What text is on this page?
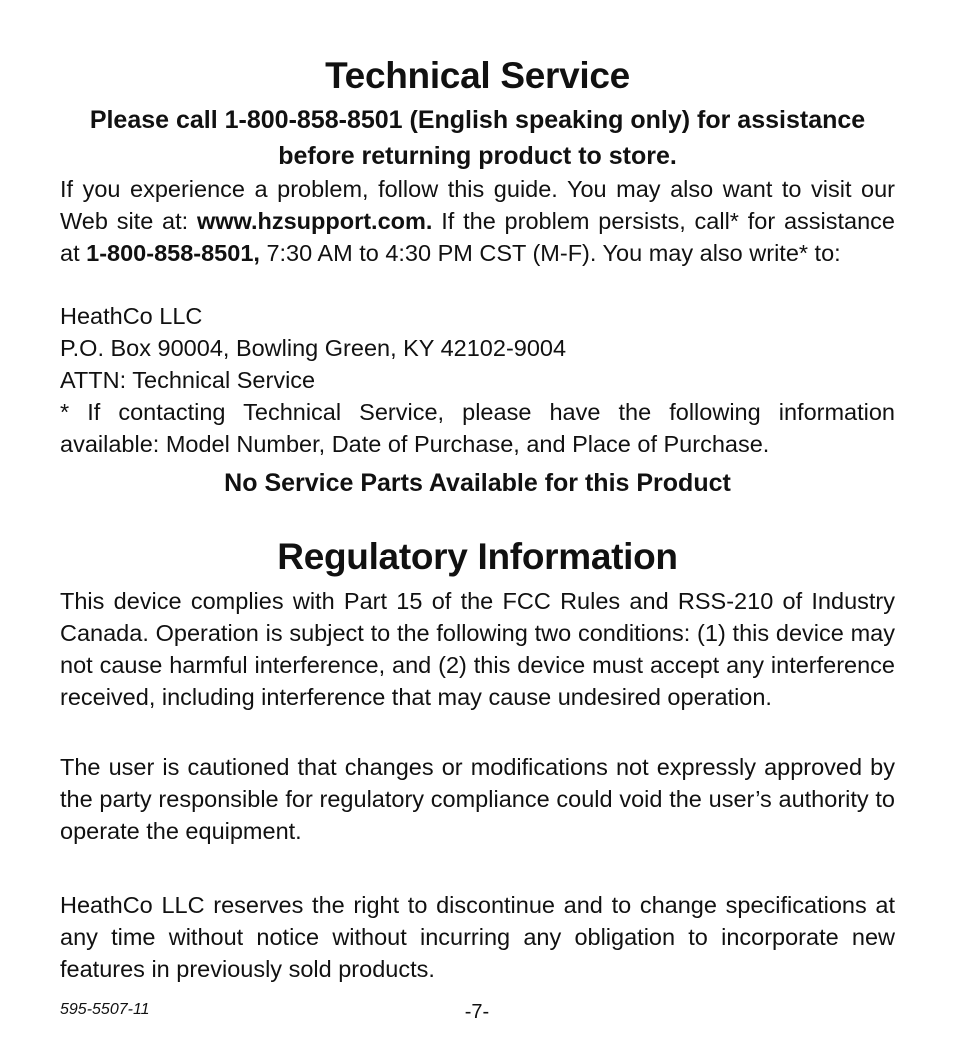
Technical Service

Please call 1-800-858-8501 (English speaking only) for assistance before returning product to store.

If you experience a problem, follow this guide. You may also want to visit our Web site at: www.hzsupport.com. If the problem persists, call* for assistance at 1-800-858-8501, 7:30 AM to 4:30 PM CST (M-F). You may also write* to:

HeathCo LLC

P.O. Box 90004, Bowling Green, KY 42102-9004

ATTN: Technical Service

* If contacting Technical Service, please have the following information available: Model Number, Date of Purchase, and Place of Purchase.

No Service Parts Available for this Product

Regulatory Information

This device complies with Part 15 of the FCC Rules and RSS-210 of Industry Canada. Operation is subject to the following two conditions: (1) this device may not cause harmful interference, and (2) this device must accept any interference received, including interference that may cause undesired operation.

The user is cautioned that changes or modifications not expressly approved by the party responsible for regulatory compliance could void the user’s authority to operate the equipment.

HeathCo LLC reserves the right to discontinue and to change specifications at any time without notice without incurring any obligation to incorporate new features in previously sold products.

595-5507-11	-7-
